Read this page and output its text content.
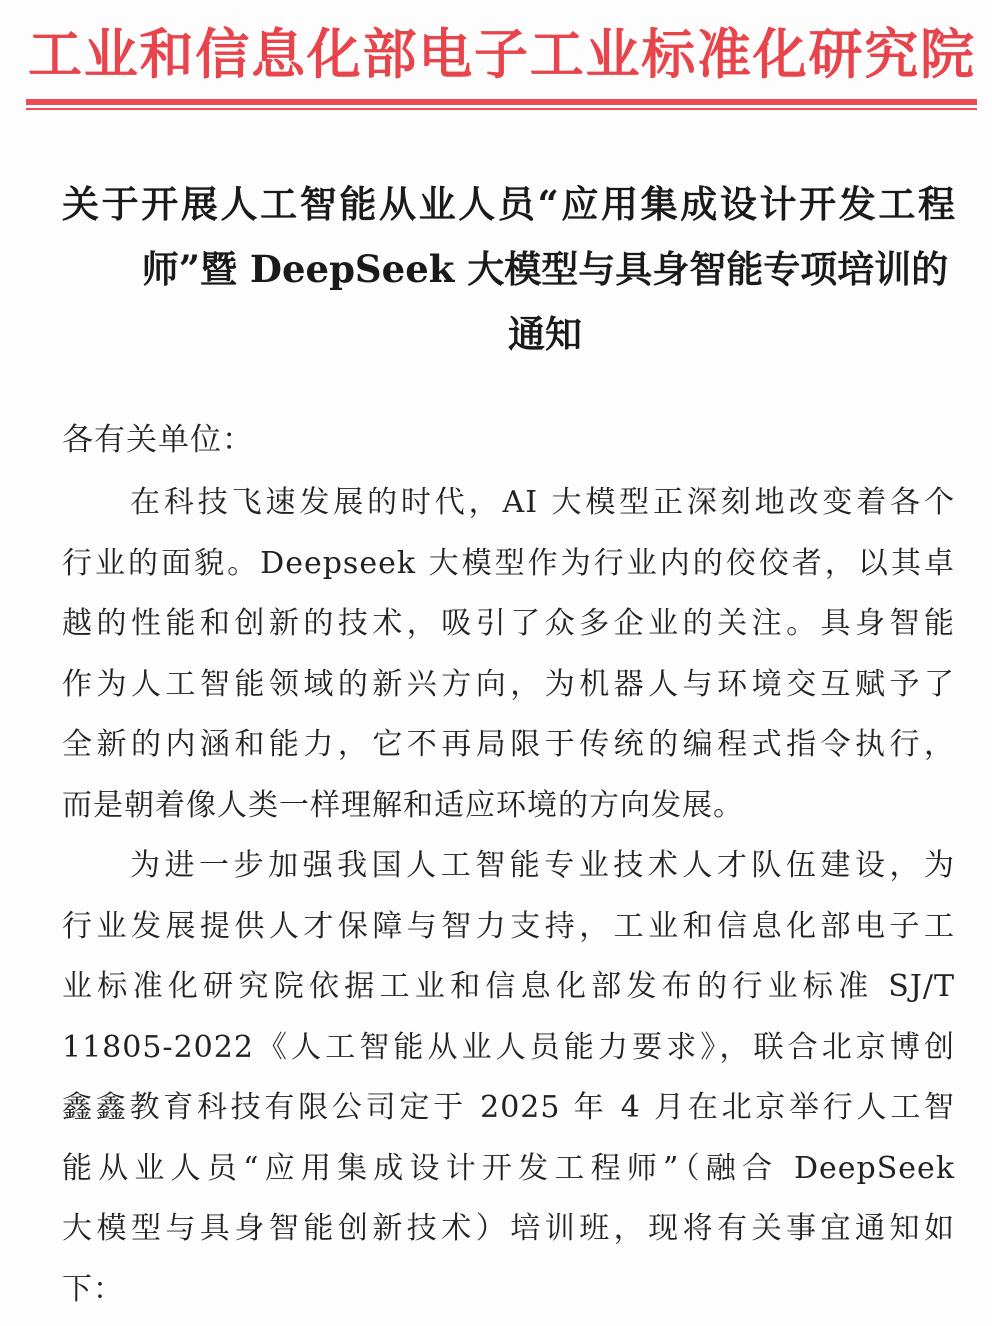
工业和信息化部电子工业标准化研究院
关于开展人工智能从业人员“应用集成设计开发工程
师”暨 DeepSeek 大模型与具身智能专项培训的
通知
各有关单位：
在科技飞速发展的时代，AI 大模型正深刻地改变着各个
行业的面貌。Deepseek 大模型作为行业内的佼佼者，以其卓
越的性能和创新的技术，吸引了众多企业的关注。具身智能
作为人工智能领域的新兴方向，为机器人与环境交互赋予了
全新的内涵和能力，它不再局限于传统的编程式指令执行，
而是朝着像人类一样理解和适应环境的方向发展。
为进一步加强我国人工智能专业技术人才队伍建设，为
行业发展提供人才保障与智力支持，工业和信息化部电子工
业标准化研究院依据工业和信息化部发布的行业标准 SJ/T
11805-2022《人工智能从业人员能力要求》，联合北京博创
鑫鑫教育科技有限公司定于 2025 年 4 月在北京举行人工智
能从业人员“应用集成设计开发工程师”（融合 DeepSeek
大模型与具身智能创新技术）培训班，现将有关事宜通知如
下：
